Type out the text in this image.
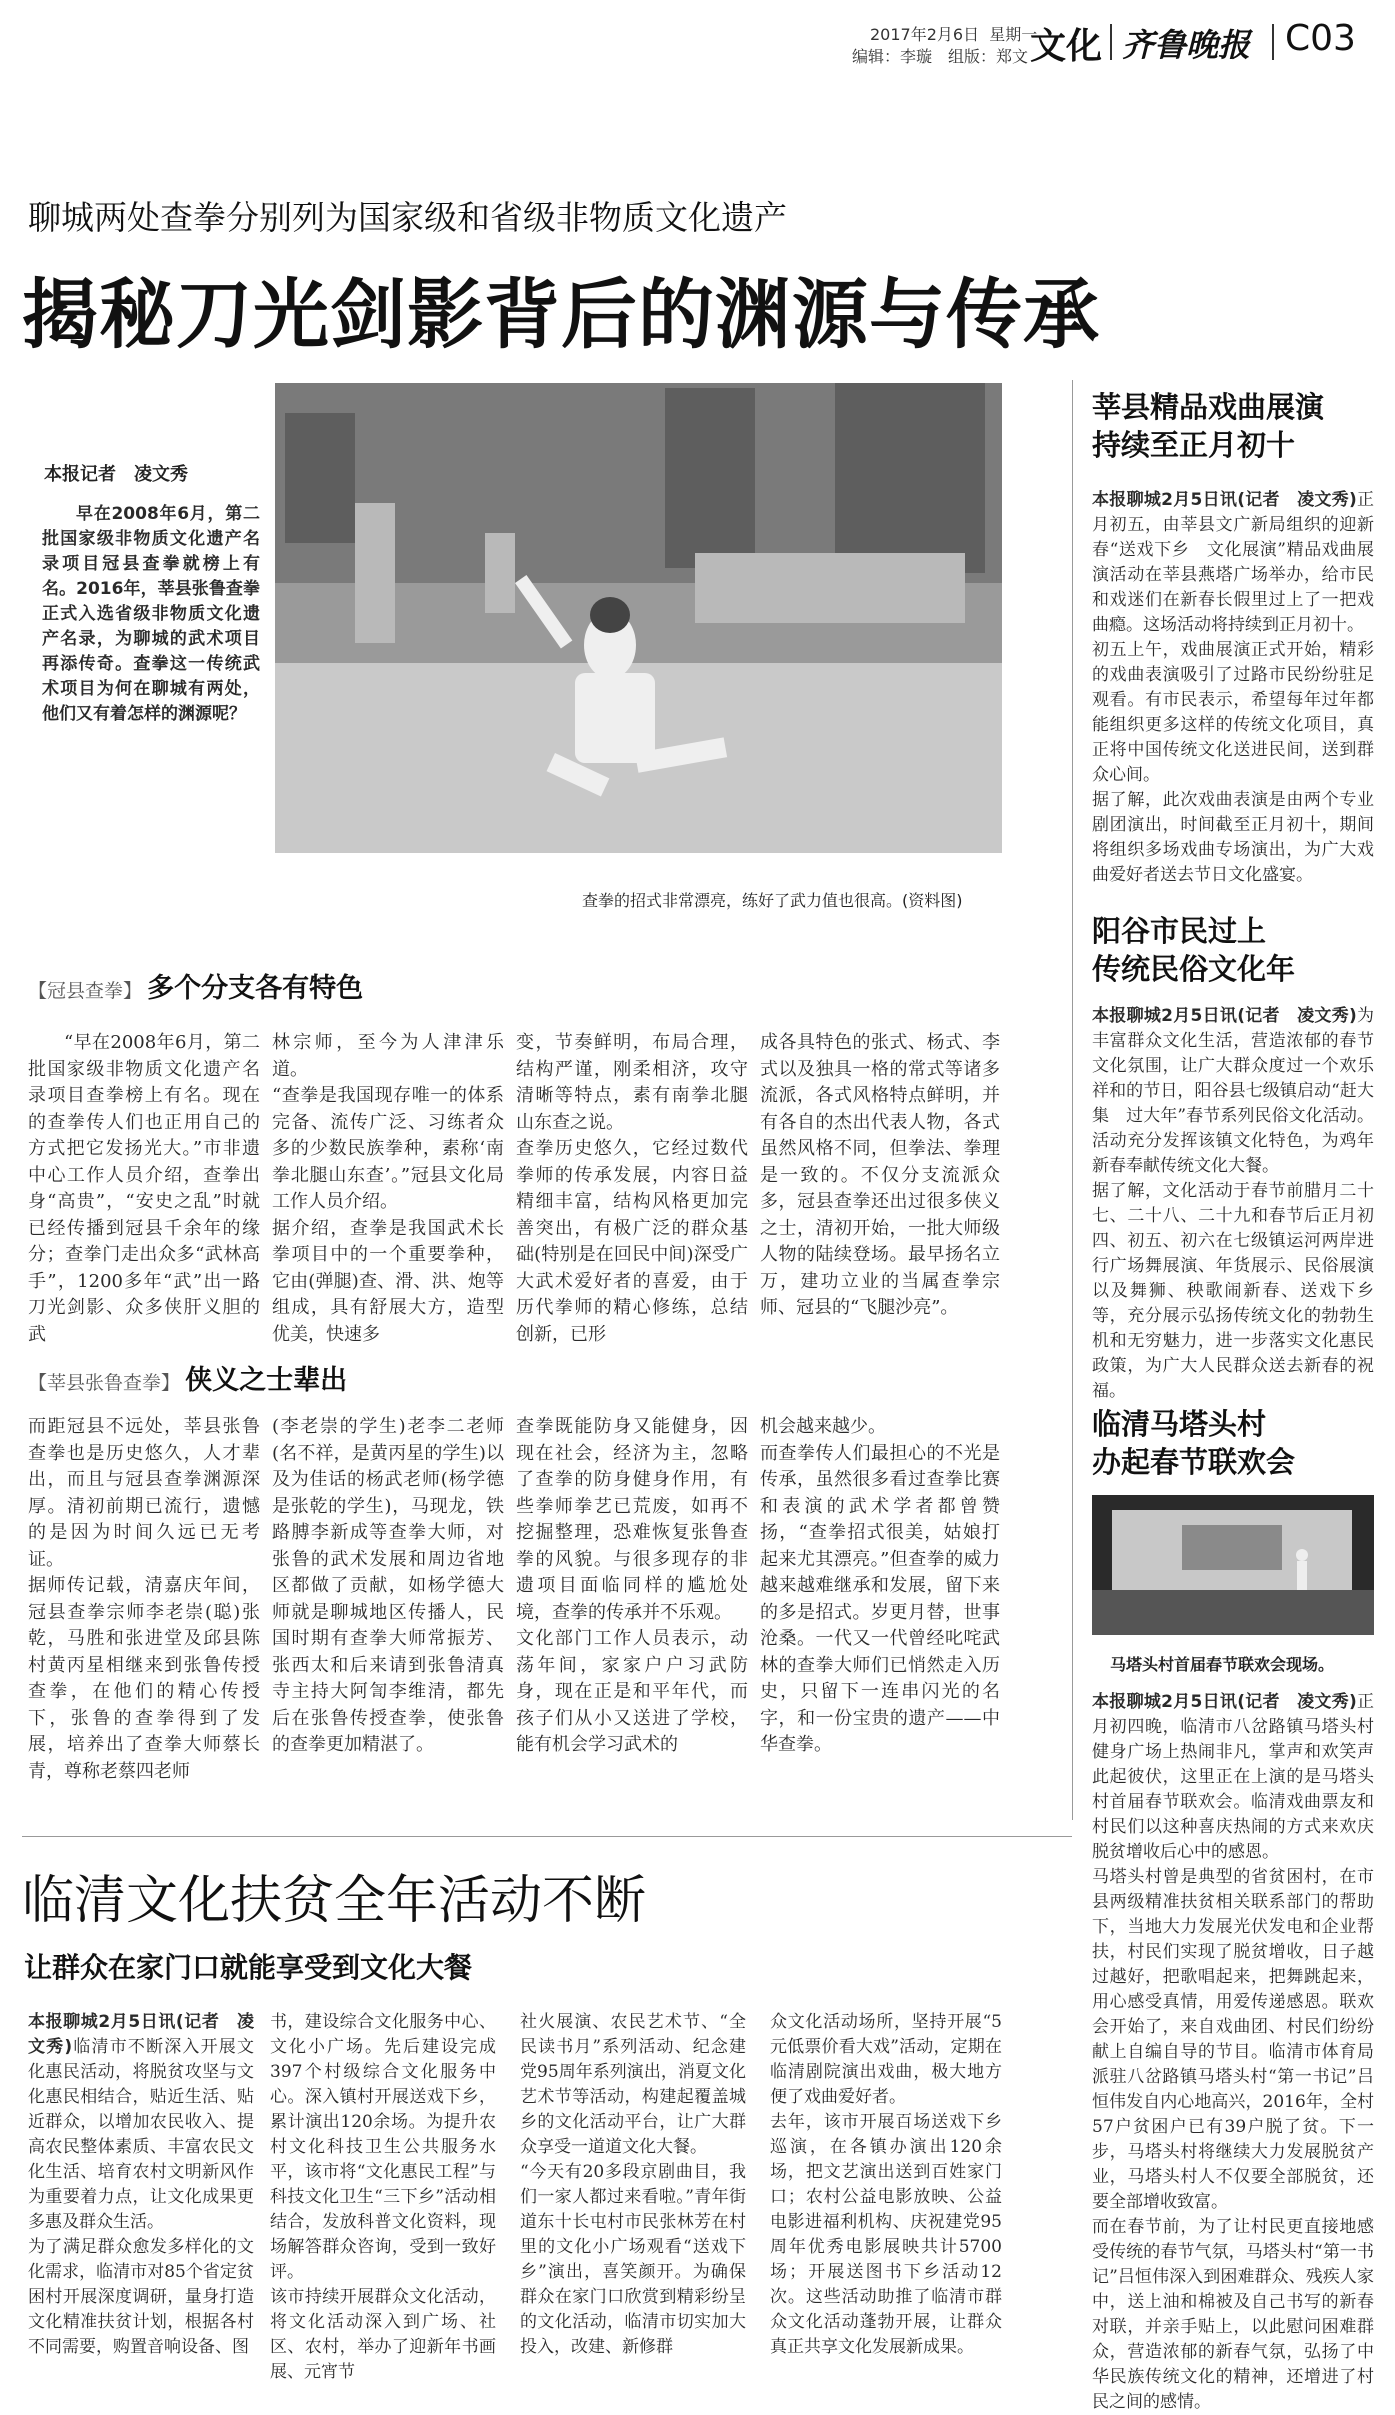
2017年2月6日 星期一
编辑：李璇　组版：郑文 文化 齐鲁晚报 C03
聊城两处查拳分别列为国家级和省级非物质文化遗产
揭秘刀光剑影背后的渊源与传承
本报记者　凌文秀
早在2008年6月，第二批国家级非物质文化遗产名录项目冠县查拳就榜上有名。2016年，莘县张鲁查拳正式入选省级非物质文化遗产名录，为聊城的武术项目再添传奇。查拳这一传统武术项目为何在聊城有两处，他们又有着怎样的渊源呢？
查拳的招式非常漂亮，练好了武力值也很高。(资料图)
【冠县查拳】 多个分支各有特色
“早在2008年6月，第二批国家级非物质文化遗产名录项目查拳榜上有名。现在的查拳传人们也正用自己的方式把它发扬光大。”市非遗中心工作人员介绍，查拳出身“高贵”，“安史之乱”时就已经传播到冠县千余年的缘分；查拳门走出众多“武林高手”，1200多年“武”出一路刀光剑影、众多侠肝义胆的武
林宗师，至今为人津津乐道。
“查拳是我国现存唯一的体系完备、流传广泛、习练者众多的少数民族拳种，素称‘南拳北腿山东查’。”冠县文化局工作人员介绍。
据介绍，查拳是我国武术长拳项目中的一个重要拳种，它由(弹腿)查、滑、洪、炮等组成，具有舒展大方，造型优美，快速多
变，节奏鲜明，布局合理，结构严谨，刚柔相济，攻守清晰等特点，素有南拳北腿山东查之说。
查拳历史悠久，它经过数代拳师的传承发展，内容日益精细丰富，结构风格更加完善突出，有极广泛的群众基础(特别是在回民中间)深受广大武术爱好者的喜爱，由于历代拳师的精心修练，总结创新，已形
成各具特色的张式、杨式、李式以及独具一格的常式等诸多流派，各式风格特点鲜明，并有各自的杰出代表人物，各式虽然风格不同，但拳法、拳理是一致的。不仅分支流派众多，冠县查拳还出过很多侠义之士，清初开始，一批大师级人物的陆续登场。最早扬名立万，建功立业的当属查拳宗师、冠县的“飞腿沙亮”。
【莘县张鲁查拳】 侠义之士辈出
而距冠县不远处，莘县张鲁查拳也是历史悠久，人才辈出，而且与冠县查拳渊源深厚。清初前期已流行，遗憾的是因为时间久远已无考证。
据师传记载，清嘉庆年间，冠县查拳宗师李老崇(聪)张乾，马胜和张进堂及邱县陈村黄丙星相继来到张鲁传授查拳，在他们的精心传授下，张鲁的查拳得到了发展，培养出了查拳大师蔡长青，尊称老蔡四老师
(李老崇的学生)老李二老师(名不祥，是黄丙星的学生)以及为佳话的杨武老师(杨学德是张乾的学生)，马现龙，铁路膊李新成等查拳大师，对张鲁的武术发展和周边省地区都做了贡献，如杨学德大师就是聊城地区传播人，民国时期有查拳大师常振芳、张西太和后来请到张鲁清真寺主持大阿訇李维清，都先后在张鲁传授查拳，使张鲁的查拳更加精湛了。
查拳既能防身又能健身，因现在社会，经济为主，忽略了查拳的防身健身作用，有些拳师拳艺已荒废，如再不挖掘整理，恐难恢复张鲁查拳的风貌。与很多现存的非遗项目面临同样的尴尬处境，查拳的传承并不乐观。
文化部门工作人员表示，动荡年间，家家户户习武防身，现在正是和平年代，而孩子们从小又送进了学校，能有机会学习武术的
机会越来越少。
而查拳传人们最担心的不光是传承，虽然很多看过查拳比赛和表演的武术学者都曾赞扬，“查拳招式很美，姑娘打起来尤其漂亮。”但查拳的威力越来越难继承和发展，留下来的多是招式。岁更月替，世事沧桑。一代又一代曾经叱咤武林的查拳大师们已悄然走入历史，只留下一连串闪光的名字，和一份宝贵的遗产——中华查拳。
莘县精品戏曲展演
持续至正月初十
本报聊城2月5日讯(记者　凌文秀)正月初五，由莘县文广新局组织的迎新春“送戏下乡　文化展演”精品戏曲展演活动在莘县燕塔广场举办，给市民和戏迷们在新春长假里过上了一把戏曲瘾。这场活动将持续到正月初十。
初五上午，戏曲展演正式开始，精彩的戏曲表演吸引了过路市民纷纷驻足观看。有市民表示，希望每年过年都能组织更多这样的传统文化项目，真正将中国传统文化送进民间，送到群众心间。
据了解，此次戏曲表演是由两个专业剧团演出，时间截至正月初十，期间将组织多场戏曲专场演出，为广大戏曲爱好者送去节日文化盛宴。
阳谷市民过上
传统民俗文化年
本报聊城2月5日讯(记者　凌文秀)为丰富群众文化生活，营造浓郁的春节文化氛围，让广大群众度过一个欢乐祥和的节日，阳谷县七级镇启动“赶大集　过大年”春节系列民俗文化活动。活动充分发挥该镇文化特色，为鸡年新春奉献传统文化大餐。
据了解，文化活动于春节前腊月二十七、二十八、二十九和春节后正月初四、初五、初六在七级镇运河两岸进行广场舞展演、年货展示、民俗展演以及舞狮、秧歌闹新春、送戏下乡等，充分展示弘扬传统文化的勃勃生机和无穷魅力，进一步落实文化惠民政策，为广大人民群众送去新春的祝福。
临清马塔头村
办起春节联欢会
马塔头村首届春节联欢会现场。
本报聊城2月5日讯(记者　凌文秀)正月初四晚，临清市八岔路镇马塔头村健身广场上热闹非凡，掌声和欢笑声此起彼伏，这里正在上演的是马塔头村首届春节联欢会。临清戏曲票友和村民们以这种喜庆热闹的方式来欢庆脱贫增收后心中的感恩。
马塔头村曾是典型的省贫困村，在市县两级精准扶贫相关联系部门的帮助下，当地大力发展光伏发电和企业帮扶，村民们实现了脱贫增收，日子越过越好，把歌唱起来，把舞跳起来，用心感受真情，用爱传递感恩。联欢会开始了，来自戏曲团、村民们纷纷献上自编自导的节目。临清市体育局派驻八岔路镇马塔头村“第一书记”吕恒伟发自内心地高兴，2016年，全村57户贫困户已有39户脱了贫。下一步，马塔头村将继续大力发展脱贫产业，马塔头村人不仅要全部脱贫，还要全部增收致富。
而在春节前，为了让村民更直接地感受传统的春节气氛，马塔头村“第一书记”吕恒伟深入到困难群众、残疾人家中，送上油和棉被及自己书写的新春对联，并亲手贴上，以此慰问困难群众，营造浓郁的新春气氛，弘扬了中华民族传统文化的精神，还增进了村民之间的感情。
临清文化扶贫全年活动不断
让群众在家门口就能享受到文化大餐
本报聊城2月5日讯(记者　凌文秀)临清市不断深入开展文化惠民活动，将脱贫攻坚与文化惠民相结合，贴近生活、贴近群众，以增加农民收入、提高农民整体素质、丰富农民文化生活、培育农村文明新风作为重要着力点，让文化成果更多惠及群众生活。
为了满足群众愈发多样化的文化需求，临清市对85个省定贫困村开展深度调研，量身打造文化精准扶贫计划，根据各村不同需要，购置音响设备、图
书，建设综合文化服务中心、文化小广场。先后建设完成397个村级综合文化服务中心。深入镇村开展送戏下乡，累计演出120余场。为提升农村文化科技卫生公共服务水平，该市将“文化惠民工程”与科技文化卫生“三下乡”活动相结合，发放科普文化资料，现场解答群众咨询，受到一致好评。
该市持续开展群众文化活动，将文化活动深入到广场、社区、农村，举办了迎新年书画展、元宵节
社火展演、农民艺术节、“全民读书月”系列活动、纪念建党95周年系列演出，消夏文化艺术节等活动，构建起覆盖城乡的文化活动平台，让广大群众享受一道道文化大餐。
“今天有20多段京剧曲目，我们一家人都过来看啦。”青年街道东十长屯村市民张林芳在村里的文化小广场观看“送戏下乡”演出，喜笑颜开。为确保群众在家门口欣赏到精彩纷呈的文化活动，临清市切实加大投入，改建、新修群
众文化活动场所，坚持开展“5元低票价看大戏”活动，定期在临清剧院演出戏曲，极大地方便了戏曲爱好者。
去年，该市开展百场送戏下乡巡演，在各镇办演出120余场，把文艺演出送到百姓家门口；农村公益电影放映、公益电影进福利机构、庆祝建党95周年优秀电影展映共计5700场；开展送图书下乡活动12次。这些活动助推了临清市群众文化活动蓬勃开展，让群众真正共享文化发展新成果。
